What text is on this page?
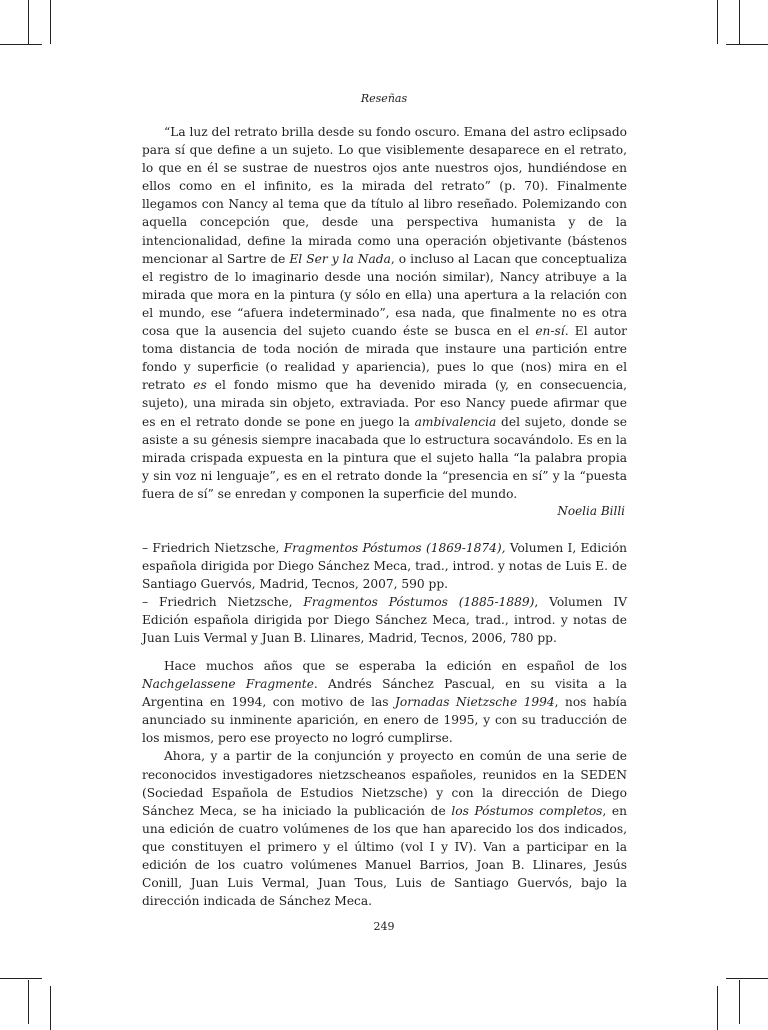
Reseñas

“La luz del retrato brilla desde su fondo oscuro. Emana del astro eclipsado para sí que define a un sujeto. Lo que visiblemente desaparece en el retrato, lo que en él se sustrae de nuestros ojos ante nuestros ojos, hundiéndose en ellos como en el infinito, es la mirada del retrato” (p. 70). Finalmente llegamos con Nancy al tema que da título al libro reseñado. Polemizando con aquella concepción que, desde una perspectiva humanista y de la intencionalidad, define la mirada como una operación objetivante (bástenos mencionar al Sartre de El Ser y la Nada, o incluso al Lacan que conceptualiza el registro de lo imaginario desde una noción similar), Nancy atribuye a la mirada que mora en la pintura (y sólo en ella) una apertura a la relación con el mundo, ese “afuera indeterminado”, esa nada, que finalmente no es otra cosa que la ausencia del sujeto cuando éste se busca en el en-sí. El autor toma distancia de toda noción de mirada que instaure una partición entre fondo y superficie (o realidad y apariencia), pues lo que (nos) mira en el retrato es el fondo mismo que ha devenido mirada (y, en consecuencia, sujeto), una mirada sin objeto, extraviada. Por eso Nancy puede afirmar que es en el retrato donde se pone en juego la ambivalencia del sujeto, donde se asiste a su génesis siempre inacabada que lo estructura socavándolo. Es en la mirada crispada expuesta en la pintura que el sujeto halla “la palabra propia y sin voz ni lenguaje”, es en el retrato donde la “presencia en sí” y la “puesta fuera de sí” se enredan y componen la superficie del mundo.

Noelia Billi

– Friedrich Nietzsche, Fragmentos Póstumos (1869-1874), Volumen I, Edición española dirigida por Diego Sánchez Meca, trad., introd. y notas de Luis E. de Santiago Guervós, Madrid, Tecnos, 2007, 590 pp.

– Friedrich Nietzsche, Fragmentos Póstumos (1885-1889), Volumen IV Edición española dirigida por Diego Sánchez Meca, trad., introd. y notas de Juan Luis Vermal y Juan B. Llinares, Madrid, Tecnos, 2006, 780 pp.

Hace muchos años que se esperaba la edición en español de los Nachgelassene Fragmente. Andrés Sánchez Pascual, en su visita a la Argentina en 1994, con motivo de las Jornadas Nietzsche 1994, nos había anunciado su inminente aparición, en enero de 1995, y con su traducción de los mismos, pero ese proyecto no logró cumplirse.

Ahora, y a partir de la conjunción y proyecto en común de una serie de reconocidos investigadores nietzscheanos españoles, reunidos en la SEDEN (Sociedad Española de Estudios Nietzsche) y con la dirección de Diego Sánchez Meca, se ha iniciado la publicación de los Póstumos completos, en una edición de cuatro volúmenes de los que han aparecido los dos indicados, que constituyen el primero y el último (vol I y IV). Van a participar en la edición de los cuatro volúmenes Manuel Barrios, Joan B. Llinares, Jesús Conill, Juan Luis Vermal, Juan Tous, Luis de Santiago Guervós, bajo la dirección indicada de Sánchez Meca.

249
